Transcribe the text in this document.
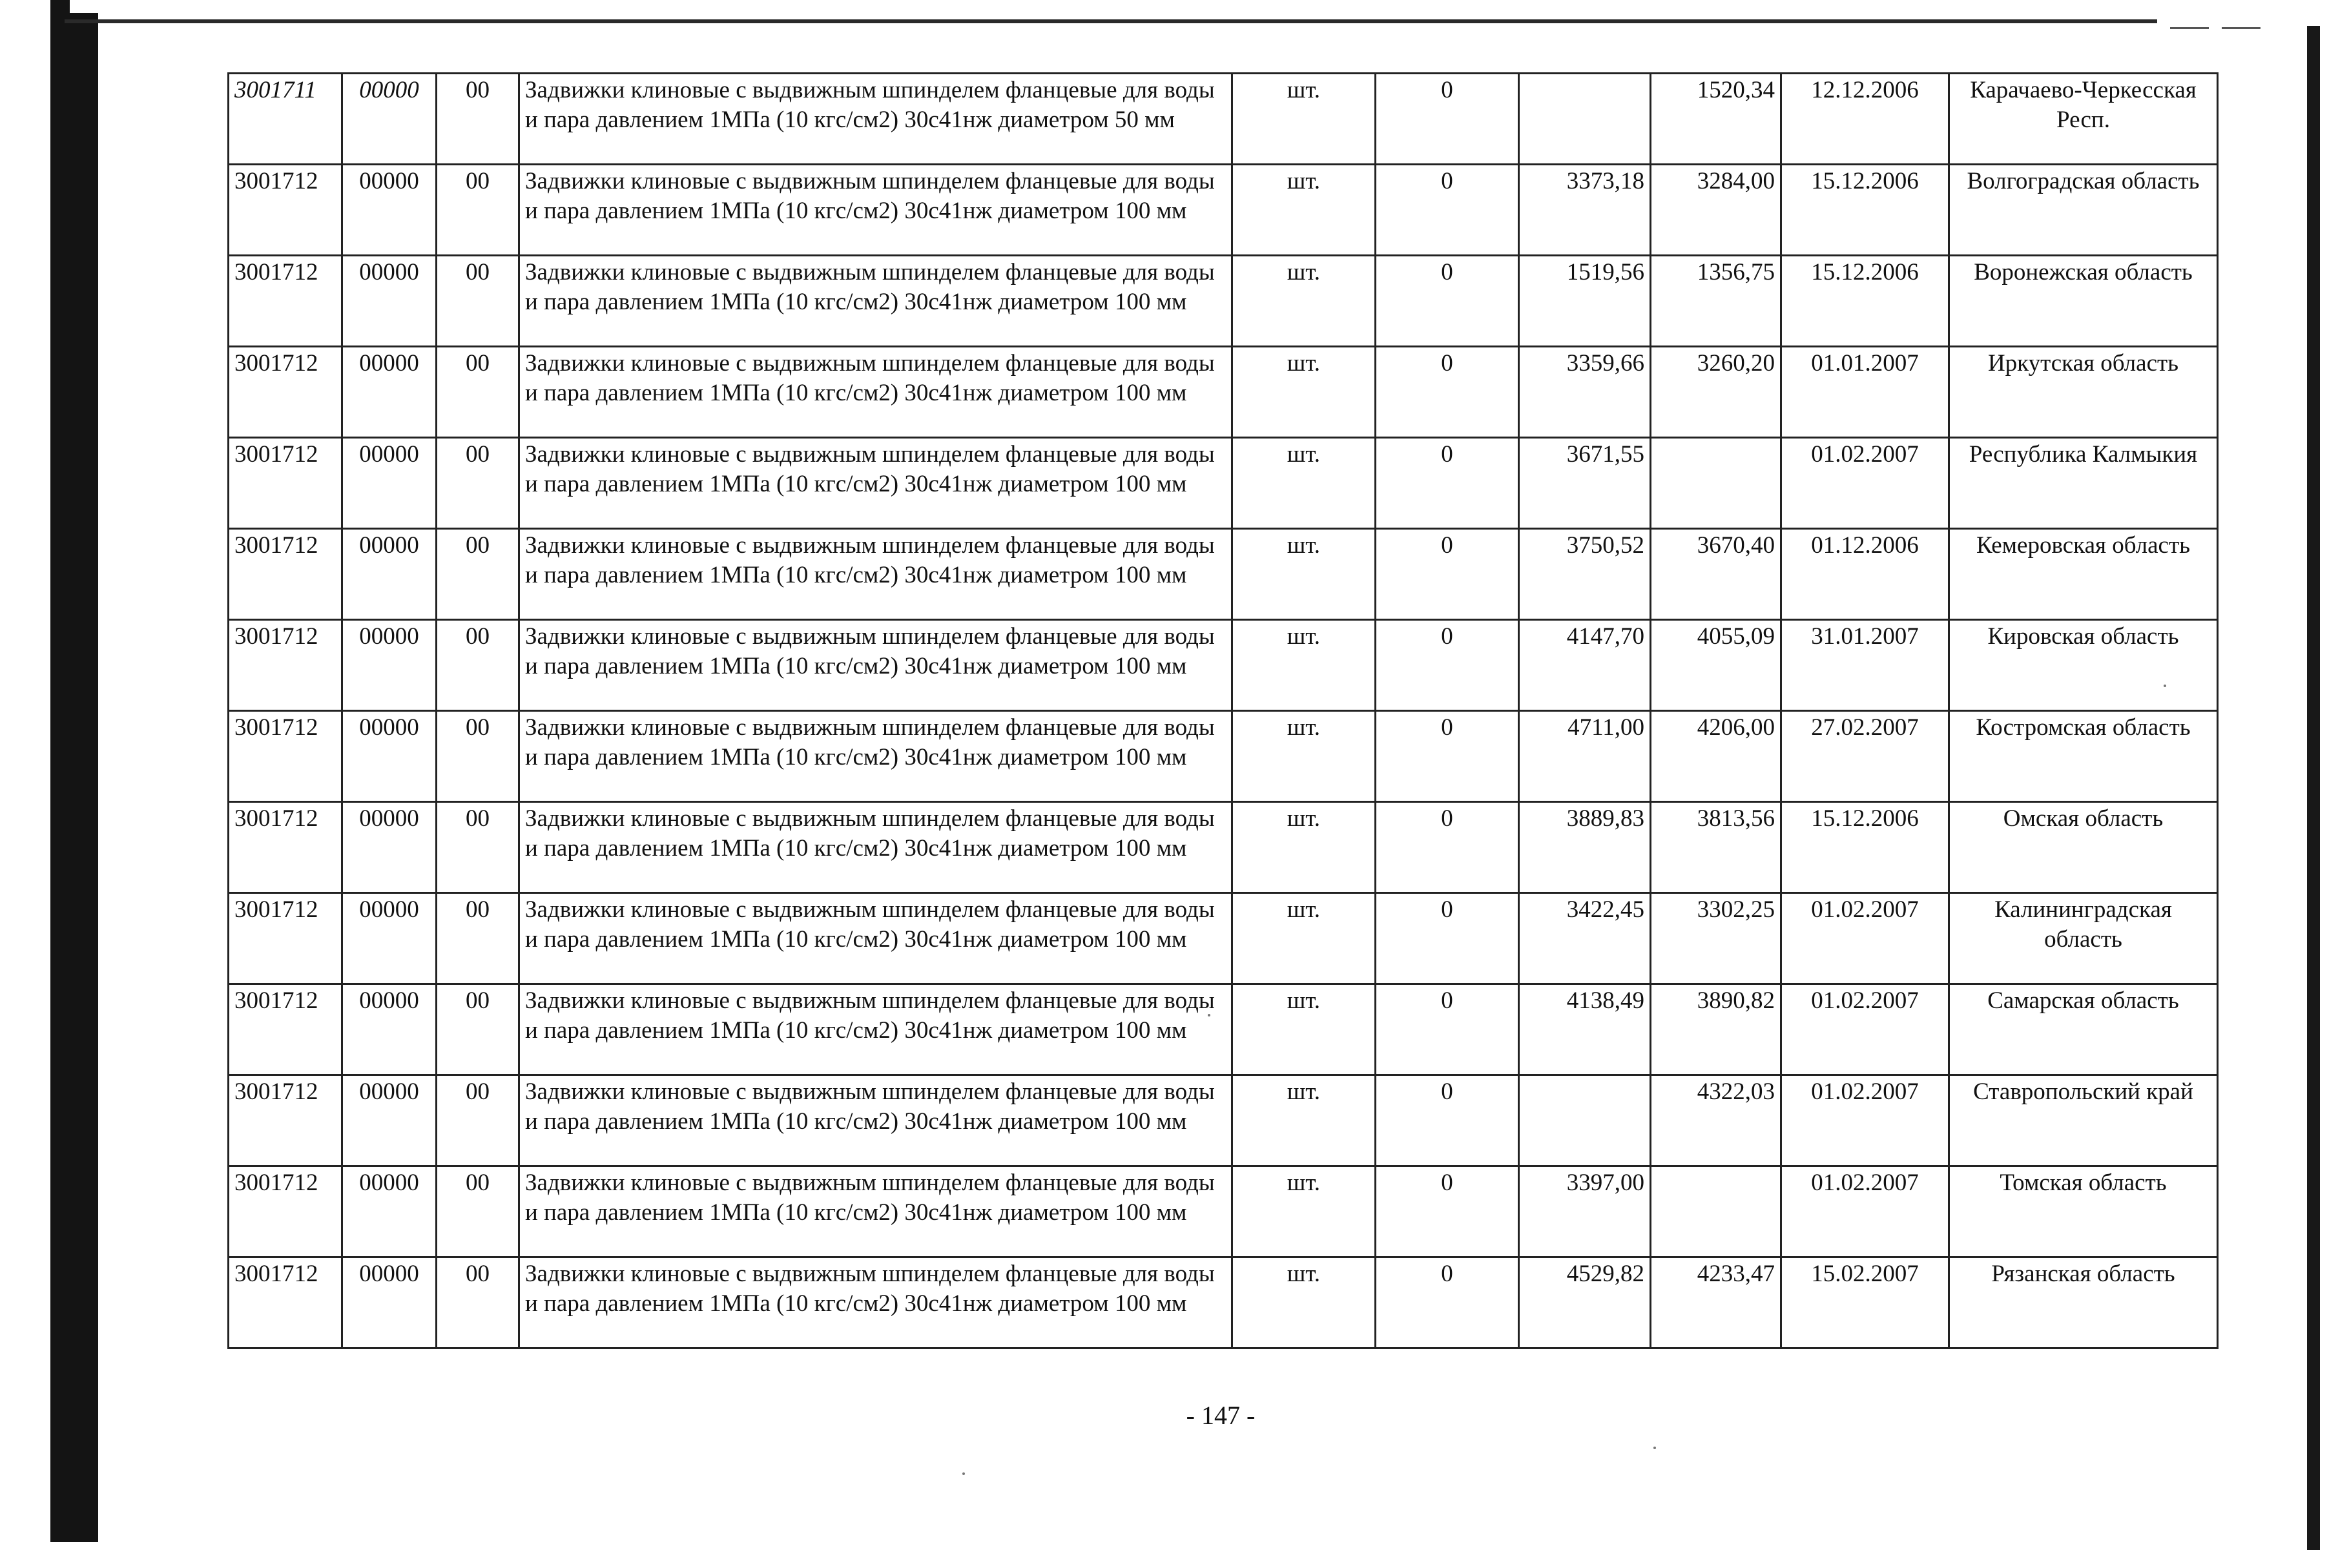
3001711	00000	00	Задвижки клиновые с выдвижным шпинделем фланцевые для воды и пара давлением 1МПа (10 кгс/см2) 30с41нж диаметром 50 мм	шт.	0		1520,34	12.12.2006	Карачаево-Черкесская Респ.
3001712	00000	00	Задвижки клиновые с выдвижным шпинделем фланцевые для воды и пара давлением 1МПа (10 кгс/см2) 30с41нж диаметром 100 мм	шт.	0	3373,18	3284,00	15.12.2006	Волгоградская область
3001712	00000	00	Задвижки клиновые с выдвижным шпинделем фланцевые для воды и пара давлением 1МПа (10 кгс/см2) 30с41нж диаметром 100 мм	шт.	0	1519,56	1356,75	15.12.2006	Воронежская область
3001712	00000	00	Задвижки клиновые с выдвижным шпинделем фланцевые для воды и пара давлением 1МПа (10 кгс/см2) 30с41нж диаметром 100 мм	шт.	0	3359,66	3260,20	01.01.2007	Иркутская область
3001712	00000	00	Задвижки клиновые с выдвижным шпинделем фланцевые для воды и пара давлением 1МПа (10 кгс/см2) 30с41нж диаметром 100 мм	шт.	0	3671,55		01.02.2007	Республика Калмыкия
3001712	00000	00	Задвижки клиновые с выдвижным шпинделем фланцевые для воды и пара давлением 1МПа (10 кгс/см2) 30с41нж диаметром 100 мм	шт.	0	3750,52	3670,40	01.12.2006	Кемеровская область
3001712	00000	00	Задвижки клиновые с выдвижным шпинделем фланцевые для воды и пара давлением 1МПа (10 кгс/см2) 30с41нж диаметром 100 мм	шт.	0	4147,70	4055,09	31.01.2007	Кировская область
3001712	00000	00	Задвижки клиновые с выдвижным шпинделем фланцевые для воды и пара давлением 1МПа (10 кгс/см2) 30с41нж диаметром 100 мм	шт.	0	4711,00	4206,00	27.02.2007	Костромская область
3001712	00000	00	Задвижки клиновые с выдвижным шпинделем фланцевые для воды и пара давлением 1МПа (10 кгс/см2) 30с41нж диаметром 100 мм	шт.	0	3889,83	3813,56	15.12.2006	Омская область
3001712	00000	00	Задвижки клиновые с выдвижным шпинделем фланцевые для воды и пара давлением 1МПа (10 кгс/см2) 30с41нж диаметром 100 мм	шт.	0	3422,45	3302,25	01.02.2007	Калининградская область
3001712	00000	00	Задвижки клиновые с выдвижным шпинделем фланцевые для воды и пара давлением 1МПа (10 кгс/см2) 30с41нж диаметром 100 мм	шт.	0	4138,49	3890,82	01.02.2007	Самарская область
3001712	00000	00	Задвижки клиновые с выдвижным шпинделем фланцевые для воды и пара давлением 1МПа (10 кгс/см2) 30с41нж диаметром 100 мм	шт.	0		4322,03	01.02.2007	Ставропольский край
3001712	00000	00	Задвижки клиновые с выдвижным шпинделем фланцевые для воды и пара давлением 1МПа (10 кгс/см2) 30с41нж диаметром 100 мм	шт.	0	3397,00		01.02.2007	Томская область
3001712	00000	00	Задвижки клиновые с выдвижным шпинделем фланцевые для воды и пара давлением 1МПа (10 кгс/см2) 30с41нж диаметром 100 мм	шт.	0	4529,82	4233,47	15.02.2007	Рязанская область
- 147 -
